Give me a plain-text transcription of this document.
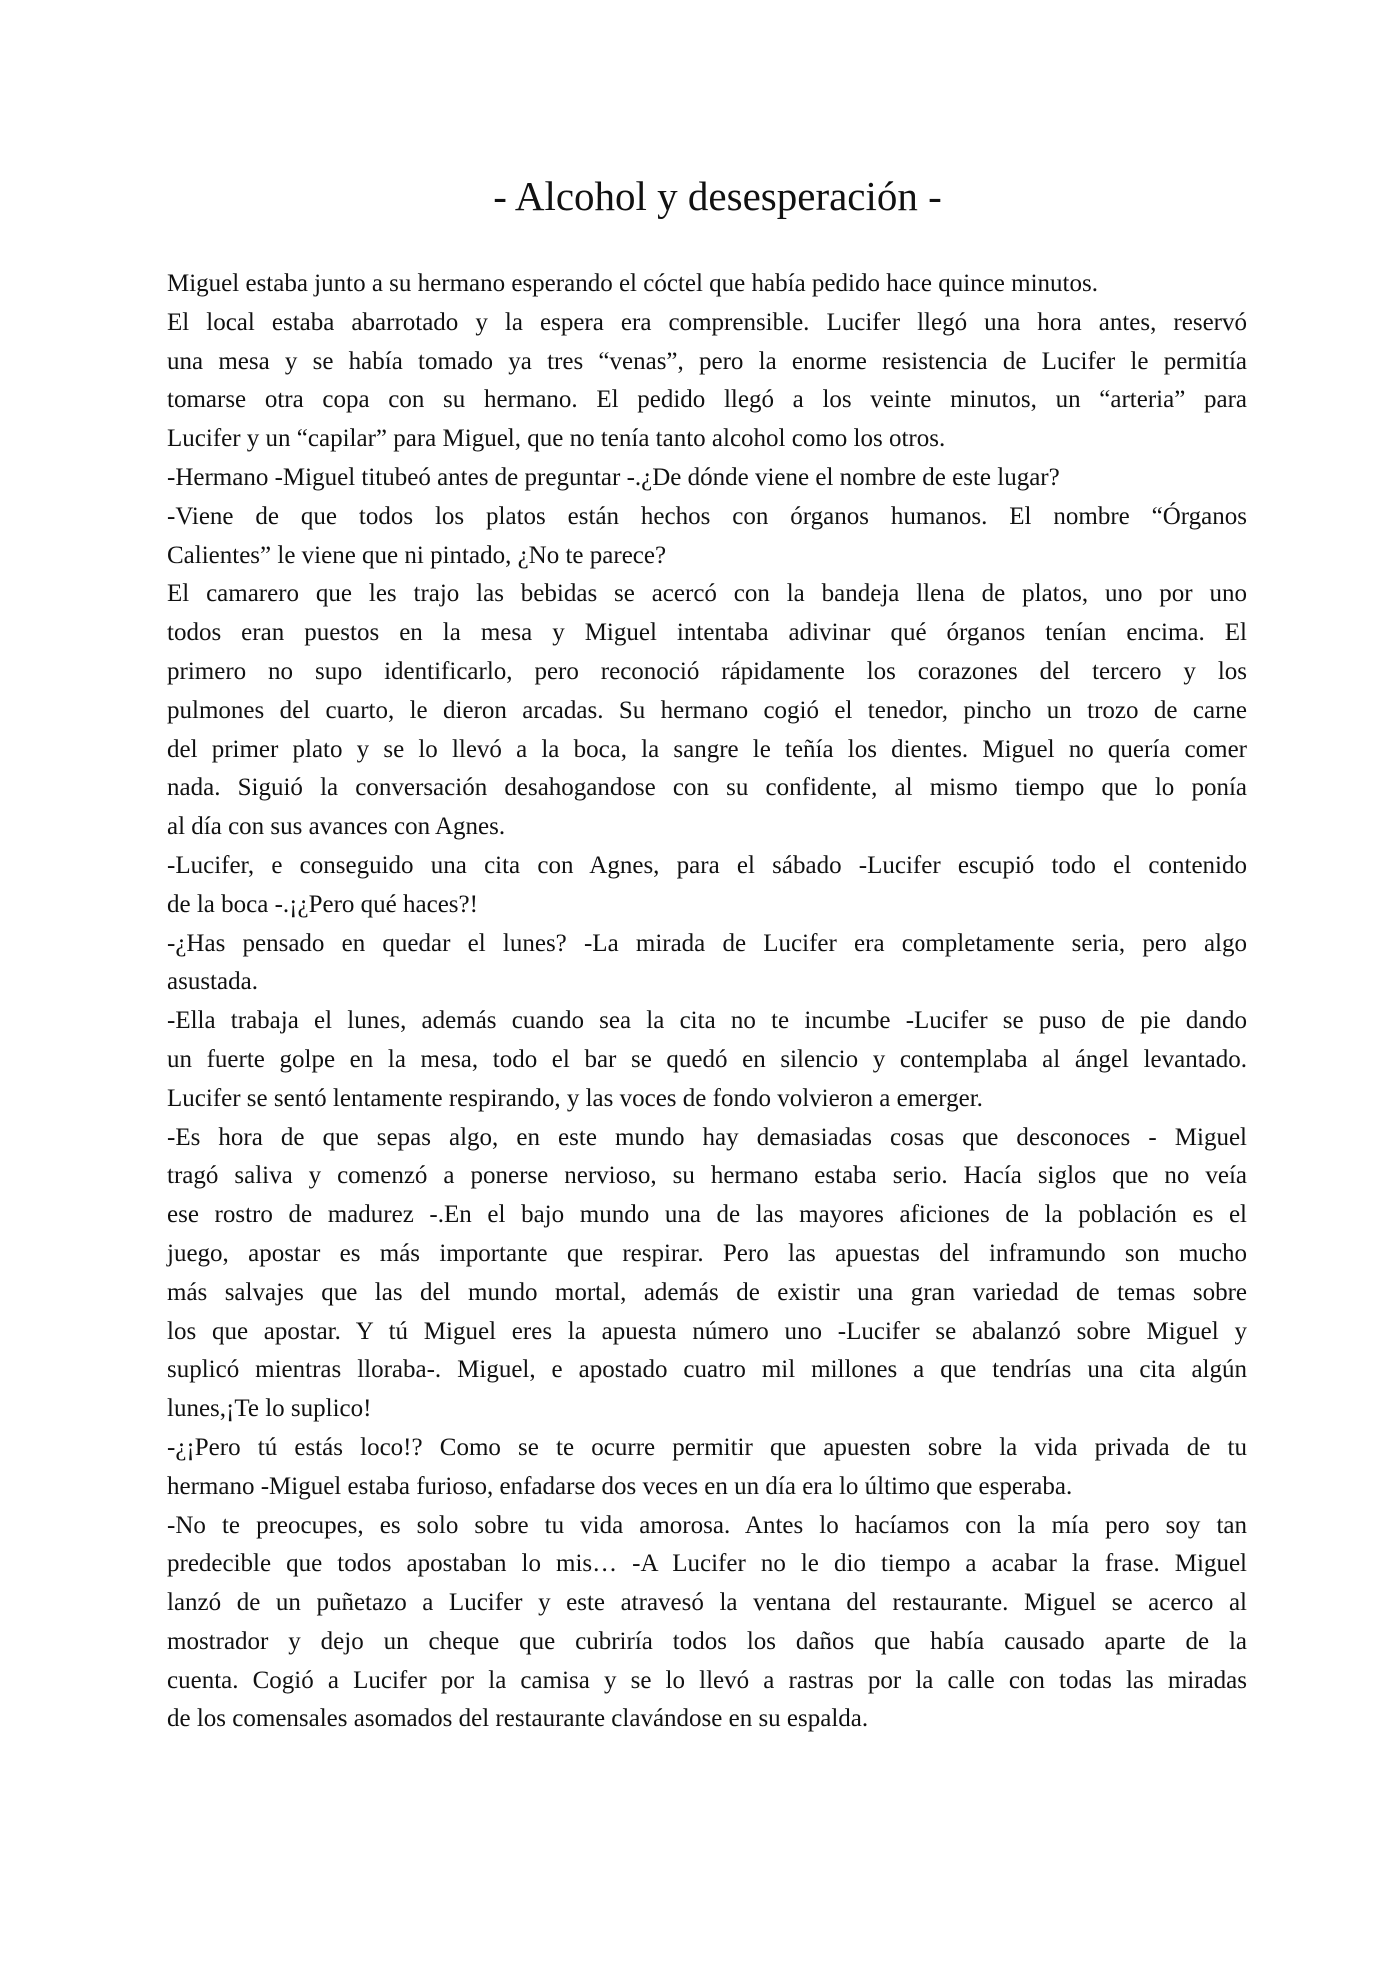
- Alcohol y desesperación -
Miguel estaba junto a su hermano esperando el cóctel que había pedido hace quince minutos.
El local estaba abarrotado y la espera era comprensible. Lucifer llegó una hora antes, reservó
una mesa y se había tomado ya tres “venas”, pero la enorme resistencia de Lucifer le permitía
tomarse otra copa con su hermano. El pedido llegó a los veinte minutos, un “arteria” para
Lucifer y un “capilar” para Miguel, que no tenía tanto alcohol como los otros.
-Hermano -Miguel titubeó antes de preguntar -.¿De dónde viene el nombre de este lugar?
-Viene de que todos los platos están hechos con órganos humanos. El nombre “Órganos
Calientes” le viene que ni pintado, ¿No te parece?
El camarero que les trajo las bebidas se acercó con la bandeja llena de platos, uno por uno
todos eran puestos en la mesa y Miguel intentaba adivinar qué órganos tenían encima. El
primero no supo identificarlo, pero reconoció rápidamente los corazones del tercero y los
pulmones del cuarto, le dieron arcadas. Su hermano cogió el tenedor, pincho un trozo de carne
del primer plato y se lo llevó a la boca, la sangre le teñía los dientes. Miguel no quería comer
nada. Siguió la conversación desahogandose con su confidente, al mismo tiempo que lo ponía
al día con sus avances con Agnes.
-Lucifer, e conseguido una cita con Agnes, para el sábado -Lucifer escupió todo el contenido
de la boca -.¡¿Pero qué haces?!
-¿Has pensado en quedar el lunes? -La mirada de Lucifer era completamente seria, pero algo
asustada.
-Ella trabaja el lunes, además cuando sea la cita no te incumbe -Lucifer se puso de pie dando
un fuerte golpe en la mesa, todo el bar se quedó en silencio y contemplaba al ángel levantado.
Lucifer se sentó lentamente respirando, y las voces de fondo volvieron a emerger.
-Es hora de que sepas algo, en este mundo hay demasiadas cosas que desconoces - Miguel
tragó saliva y comenzó a ponerse nervioso, su hermano estaba serio. Hacía siglos que no veía
ese rostro de madurez -.En el bajo mundo una de las mayores aficiones de la población es el
juego, apostar es más importante que respirar. Pero las apuestas del inframundo son mucho
más salvajes que las del mundo mortal, además de existir una gran variedad de temas sobre
los que apostar. Y tú Miguel eres la apuesta número uno -Lucifer se abalanzó sobre Miguel y
suplicó mientras lloraba-. Miguel, e apostado cuatro mil millones a que tendrías una cita algún
lunes,¡Te lo suplico!
-¿¡Pero tú estás loco!? Como se te ocurre permitir que apuesten sobre la vida privada de tu
hermano -Miguel estaba furioso, enfadarse dos veces en un día era lo último que esperaba.
-No te preocupes, es solo sobre tu vida amorosa. Antes lo hacíamos con la mía pero soy tan
predecible que todos apostaban lo mis… -A Lucifer no le dio tiempo a acabar la frase. Miguel
lanzó de un puñetazo a Lucifer y este atravesó la ventana del restaurante. Miguel se acerco al
mostrador y dejo un cheque que cubriría todos los daños que había causado aparte de la
cuenta. Cogió a Lucifer por la camisa y se lo llevó a rastras por la calle con todas las miradas
de los comensales asomados del restaurante clavándose en su espalda.
